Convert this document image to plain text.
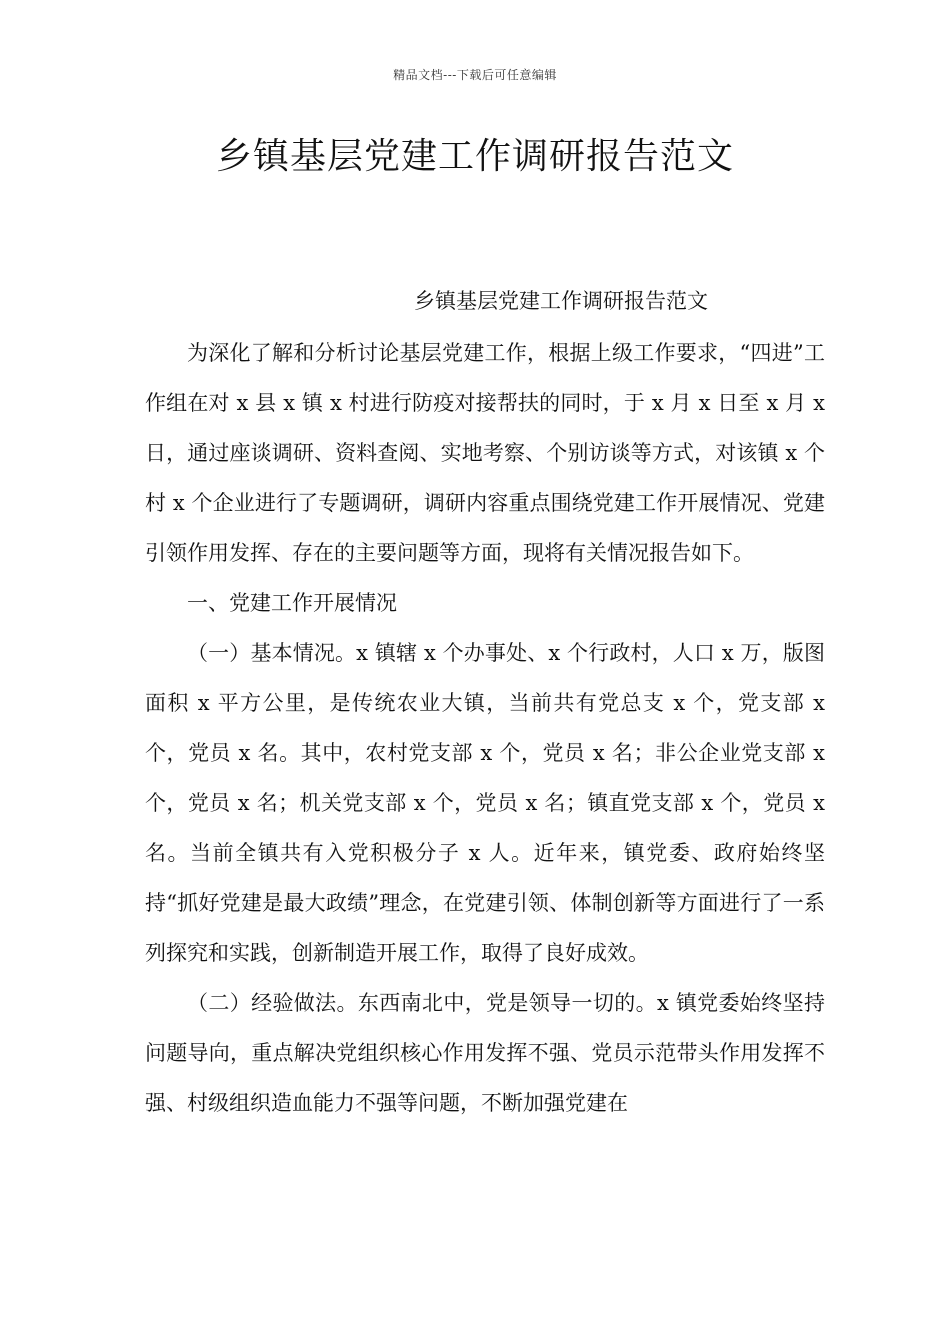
精品文档---下载后可任意编辑
乡镇基层党建工作调研报告范文
乡镇基层党建工作调研报告范文

为深化了解和分析讨论基层党建工作，根据上级工作要求，“四进”工作组在对 x 县 x 镇 x 村进行防疫对接帮扶的同时，于 x 月 x 日至 x 月 x 日，通过座谈调研、资料查阅、实地考察、个别访谈等方式，对该镇 x 个村 x 个企业进行了专题调研，调研内容重点围绕党建工作开展情况、党建引领作用发挥、存在的主要问题等方面，现将有关情况报告如下。

一、党建工作开展情况

（一）基本情况。x 镇辖 x 个办事处、x 个行政村，人口 x 万，版图面积 x 平方公里，是传统农业大镇，当前共有党总支 x 个，党支部 x 个，党员 x 名。其中，农村党支部 x 个，党员 x 名；非公企业党支部 x 个，党员 x 名；机关党支部 x 个，党员 x 名；镇直党支部 x 个，党员 x 名。当前全镇共有入党积极分子 x 人。近年来，镇党委、政府始终坚持“抓好党建是最大政绩”理念，在党建引领、体制创新等方面进行了一系列探究和实践，创新制造开展工作，取得了良好成效。

（二）经验做法。东西南北中，党是领导一切的。x 镇党委始终坚持问题导向，重点解决党组织核心作用发挥不强、党员示范带头作用发挥不强、村级组织造血能力不强等问题，不断加强党建在
